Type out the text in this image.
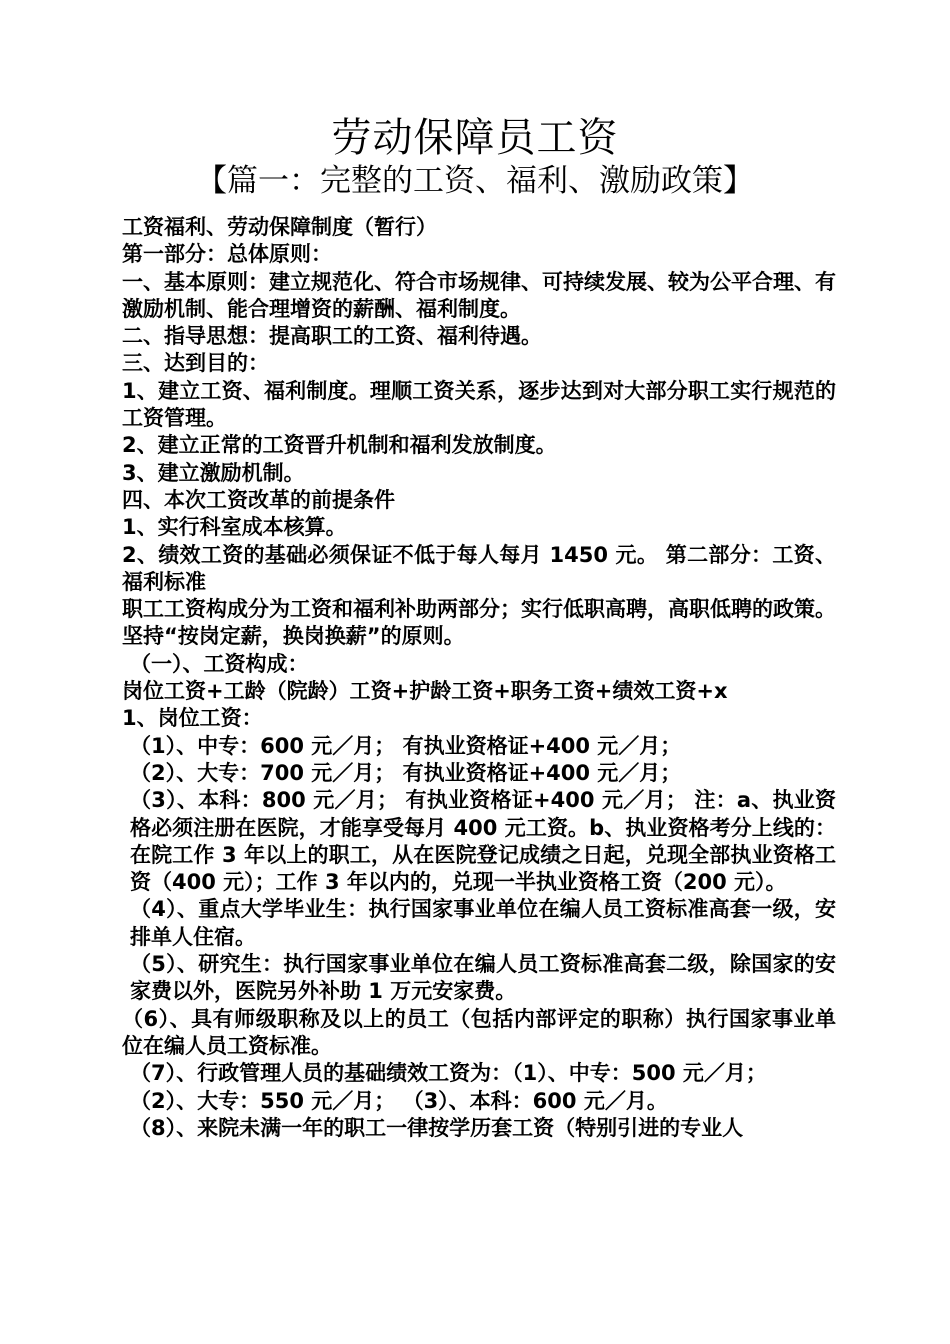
劳动保障员工资
【篇一：完整的工资、福利、激励政策】

工资福利、劳动保障制度（暂行）

第一部分：总体原则：

一、基本原则：建立规范化、符合市场规律、可持续发展、较为公平合理、有激励机制、能合理增资的薪酬、福利制度。

二、指导思想：提高职工的工资、福利待遇。

三、达到目的：

1、建立工资、福利制度。理顺工资关系，逐步达到对大部分职工实行规范的工资管理。

2、建立正常的工资晋升机制和福利发放制度。

3、建立激励机制。

四、本次工资改革的前提条件

1、实行科室成本核算。

2、绩效工资的基础必须保证不低于每人每月 1450 元。 第二部分：工资、福利标准

职工工资构成分为工资和福利补助两部分；实行低职高聘，高职低聘的政策。坚持“按岗定薪，换岗换薪”的原则。

（一）、工资构成：

岗位工资+工龄（院龄）工资+护龄工资+职务工资+绩效工资+x

1、岗位工资：

（1）、中专：600 元／月； 有执业资格证+400 元／月；

（2）、大专：700 元／月； 有执业资格证+400 元／月；

（3）、本科：800 元／月； 有执业资格证+400 元／月； 注：a、执业资格必须注册在医院，才能享受每月 400 元工资。b、执业资格考分上线的：在院工作 3 年以上的职工，从在医院登记成绩之日起，兑现全部执业资格工资（400 元）；工作 3 年以内的，兑现一半执业资格工资（200 元）。

（4）、重点大学毕业生：执行国家事业单位在编人员工资标准高套一级，安排单人住宿。

（5）、研究生：执行国家事业单位在编人员工资标准高套二级，除国家的安家费以外，医院另外补助 1 万元安家费。

（6）、具有师级职称及以上的员工（包括内部评定的职称）执行国家事业单位在编人员工资标准。

（7）、行政管理人员的基础绩效工资为：（1）、中专：500 元／月；

（2）、大专：550 元／月； （3）、本科：600 元／月。

（8）、来院未满一年的职工一律按学历套工资（特别引进的专业人
